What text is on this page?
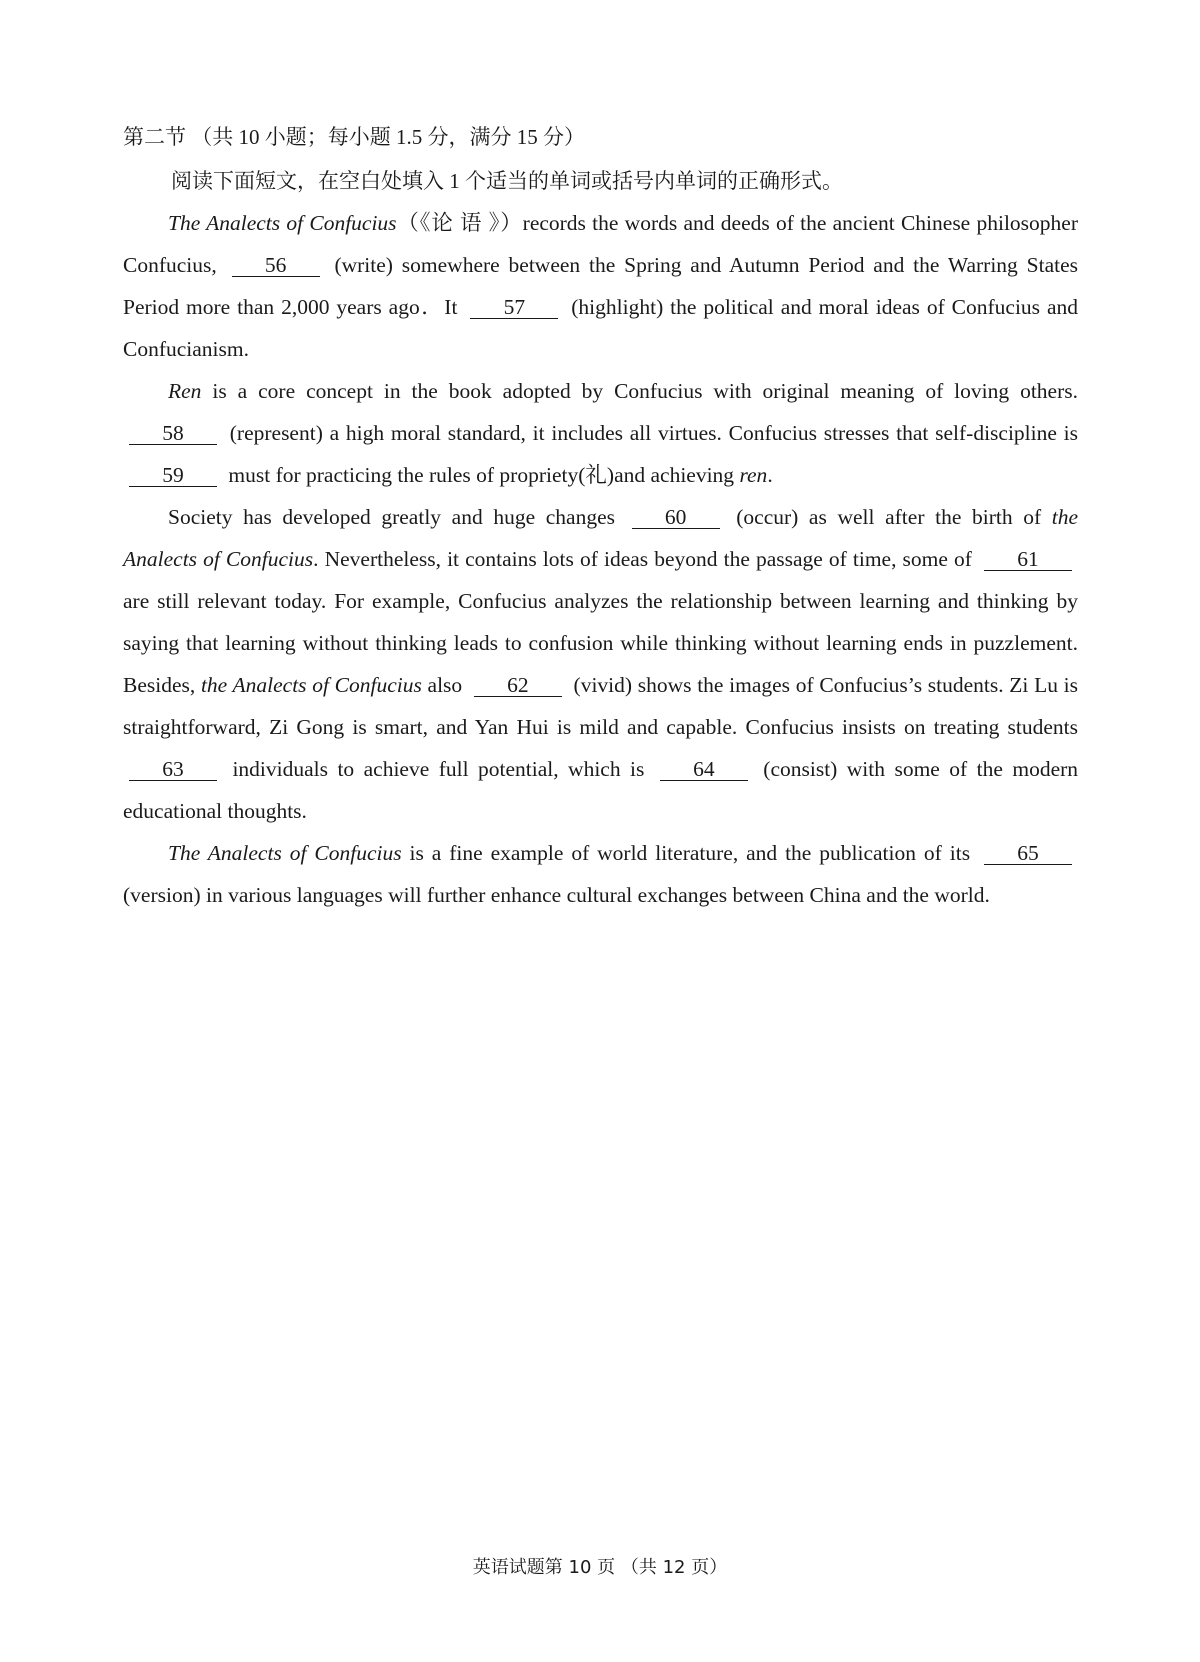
第二节 （共 10 小题；每小题 1.5 分，满分 15 分）

阅读下面短文，在空白处填入 1 个适当的单词或括号内单词的正确形式。

The Analects of Confucius（《论 语 》）records the words and deeds of the ancient Chinese philosopher Confucius, 56 (write) somewhere between the Spring and Autumn Period and the Warring States Period more than 2,000 years ago．It 57 (highlight) the political and moral ideas of Confucius and Confucianism.

Ren is a core concept in the book adopted by Confucius with original meaning of loving others. 58 (represent) a high moral standard, it includes all virtues. Confucius stresses that self-discipline is 59 must for practicing the rules of propriety(礼)and achieving ren.

Society has developed greatly and huge changes 60 (occur) as well after the birth of the Analects of Confucius. Nevertheless, it contains lots of ideas beyond the passage of time, some of 61 are still relevant today. For example, Confucius analyzes the relationship between learning and thinking by saying that learning without thinking leads to confusion while thinking without learning ends in puzzlement. Besides, the Analects of Confucius also 62 (vivid) shows the images of Confucius’s students. Zi Lu is straightforward, Zi Gong is smart, and Yan Hui is mild and capable. Confucius insists on treating students 63 individuals to achieve full potential, which is 64 (consist) with some of the modern educational thoughts.

The Analects of Confucius is a fine example of world literature, and the publication of its 65 (version) in various languages will further enhance cultural exchanges between China and the world.

英语试题第 10 页 （共 12 页）
